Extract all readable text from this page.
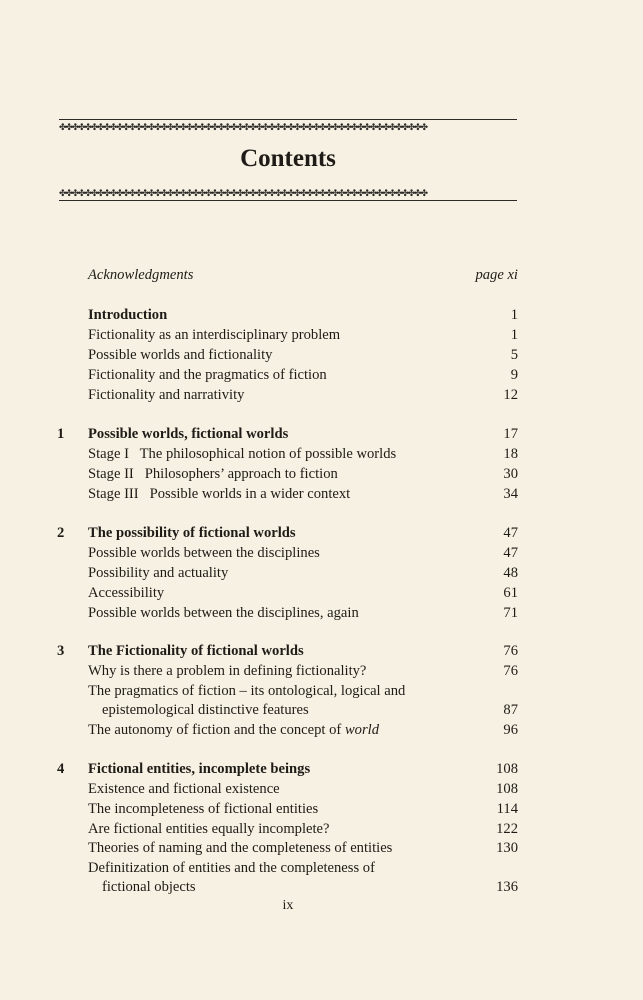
✤✤✤✤✤✤✤✤✤✤✤✤✤✤✤✤✤✤✤✤✤✤✤✤✤✤✤✤✤✤✤✤✤✤✤✤✤✤✤✤✤✤✤✤✤✤✤✤✤✤✤✤✤✤✤✤✤✤
Contents
✤✤✤✤✤✤✤✤✤✤✤✤✤✤✤✤✤✤✤✤✤✤✤✤✤✤✤✤✤✤✤✤✤✤✤✤✤✤✤✤✤✤✤✤✤✤✤✤✤✤✤✤✤✤✤✤✤✤
Acknowledgments	page xi
Introduction	1
Fictionality as an interdisciplinary problem	1
Possible worlds and fictionality	5
Fictionality and the pragmatics of fiction	9
Fictionality and narrativity	12
1	Possible worlds, fictional worlds	17
Stage I   The philosophical notion of possible worlds	18
Stage II   Philosophers’ approach to fiction	30
Stage III   Possible worlds in a wider context	34
2	The possibility of fictional worlds	47
Possible worlds between the disciplines	47
Possibility and actuality	48
Accessibility	61
Possible worlds between the disciplines, again	71
3	The Fictionality of fictional worlds	76
Why is there a problem in defining fictionality?	76
The pragmatics of fiction – its ontological, logical and
epistemological distinctive features	87
The autonomy of fiction and the concept of world	96
4	Fictional entities, incomplete beings	108
Existence and fictional existence	108
The incompleteness of fictional entities	114
Are fictional entities equally incomplete?	122
Theories of naming and the completeness of entities	130
Definitization of entities and the completeness of
fictional objects	136
ix
